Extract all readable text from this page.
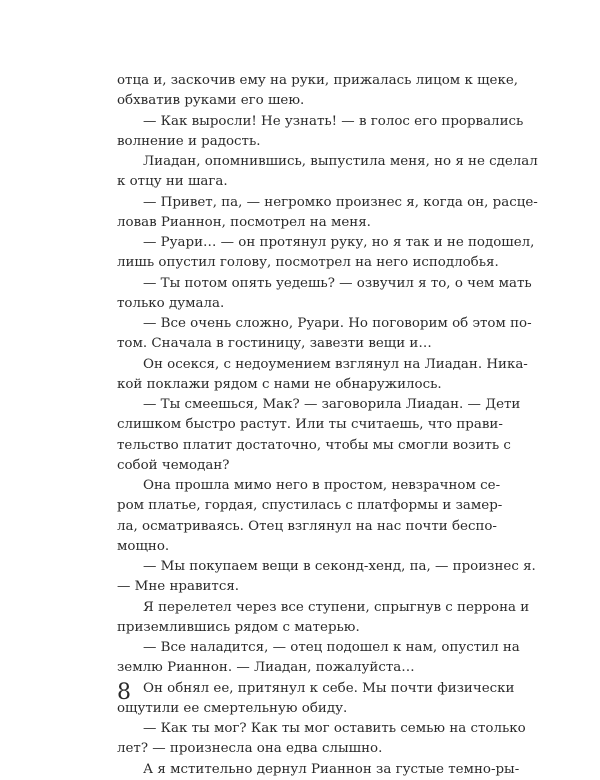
отца и, заскочив ему на руки, прижалась лицом к щеке,
обхватив руками его шею.
— Как выросли! Не узнать! — в голос его прорвались
волнение и радость.
Лиадан, опомнившись, выпустила меня, но я не сделал
к отцу ни шага.
— Привет, па, — негромко произнес я, когда он, расце-
ловав Рианнон, посмотрел на меня.
— Руари… — он протянул руку, но я так и не подошел,
лишь опустил голову, посмотрел на него исподлобья.
— Ты потом опять уедешь? — озвучил я то, о чем мать
только думала.
— Все очень сложно, Руари. Но поговорим об этом по-
том. Сначала в гостиницу, завезти вещи и…
Он осекся, с недоумением взглянул на Лиадан. Ника-
кой поклажи рядом с нами не обнаружилось.
— Ты смеешься, Мак? — заговорила Лиадан. — Дети
слишком быстро растут. Или ты считаешь, что прави-
тельство платит достаточно, чтобы мы смогли возить с
собой чемодан?
Она прошла мимо него в простом, невзрачном се-
ром платье, гордая, спустилась с платформы и замер-
ла, осматриваясь. Отец взглянул на нас почти беспо-
мощно.
— Мы покупаем вещи в секонд-хенд, па, — произнес я.
— Мне нравится.
Я перелетел через все ступени, спрыгнув с перрона и
приземлившись рядом с матерью.
— Все наладится, — отец подошел к нам, опустил на
землю Рианнон. — Лиадан, пожалуйста…
Он обнял ее, притянул к себе. Мы почти физически
ощутили ее смертельную обиду.
— Как ты мог? Как ты мог оставить семью на столько
лет? — произнесла она едва слышно.
А я мстительно дернул Рианнон за густые темно-ры-
8
